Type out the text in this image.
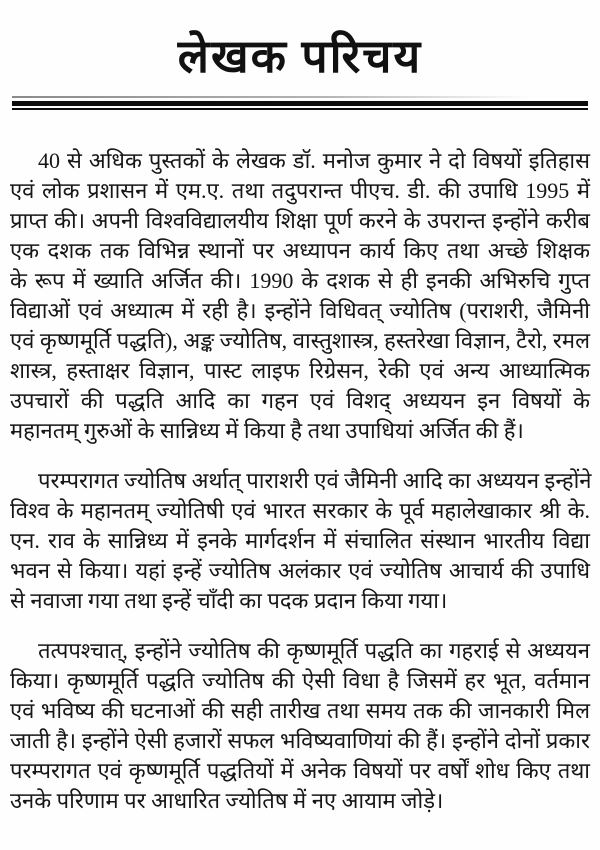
लेखक परिचय
40 से अधिक पुस्तकों के लेखक डॉ. मनोज कुमार ने दो विषयों इतिहास
एवं लोक प्रशासन में एम.ए. तथा तदुपरान्त पीएच. डी. की उपाधि 1995 में
प्राप्त की। अपनी विश्वविद्यालयीय शिक्षा पूर्ण करने के उपरान्त इन्होंने करीब
एक दशक तक विभिन्न स्थानों पर अध्यापन कार्य किए तथा अच्छे शिक्षक
के रूप में ख्याति अर्जित की। 1990 के दशक से ही इनकी अभिरुचि गुप्त
विद्याओं एवं अध्यात्म में रही है। इन्होंने विधिवत् ज्योतिष (पराशरी, जैमिनी
एवं कृष्णमूर्ति पद्धति), अङ्क ज्योतिष, वास्तुशास्त्र, हस्तरेखा विज्ञान, टैरो, रमल
शास्त्र, हस्ताक्षर विज्ञान, पास्ट लाइफ रिग्रेसन, रेकी एवं अन्य आध्यात्मिक
उपचारों की पद्धति आदि का गहन एवं विशद् अध्ययन इन विषयों के
महानतम् गुरुओं के सान्निध्य में किया है तथा उपाधियां अर्जित की हैं।
परम्परागत ज्योतिष अर्थात् पाराशरी एवं जैमिनी आदि का अध्ययन इन्होंने
विश्व के महानतम् ज्योतिषी एवं भारत सरकार के पूर्व महालेखाकार श्री के.
एन. राव के सान्निध्य में इनके मार्गदर्शन में संचालित संस्थान भारतीय विद्या
भवन से किया। यहां इन्हें ज्योतिष अलंकार एवं ज्योतिष आचार्य की उपाधि
से नवाजा गया तथा इन्हें चाँदी का पदक प्रदान किया गया।
तत्पपश्चात्, इन्होंने ज्योतिष की कृष्णमूर्ति पद्धति का गहराई से अध्ययन
किया। कृष्णमूर्ति पद्धति ज्योतिष की ऐसी विधा है जिसमें हर भूत, वर्तमान
एवं भविष्य की घटनाओं की सही तारीख तथा समय तक की जानकारी मिल
जाती है। इन्होंने ऐसी हजारों सफल भविष्यवाणियां की हैं। इन्होंने दोनों प्रकार
परम्परागत एवं कृष्णमूर्ति पद्धतियों में अनेक विषयों पर वर्षों शोध किए तथा
उनके परिणाम पर आधारित ज्योतिष में नए आयाम जोड़े।
